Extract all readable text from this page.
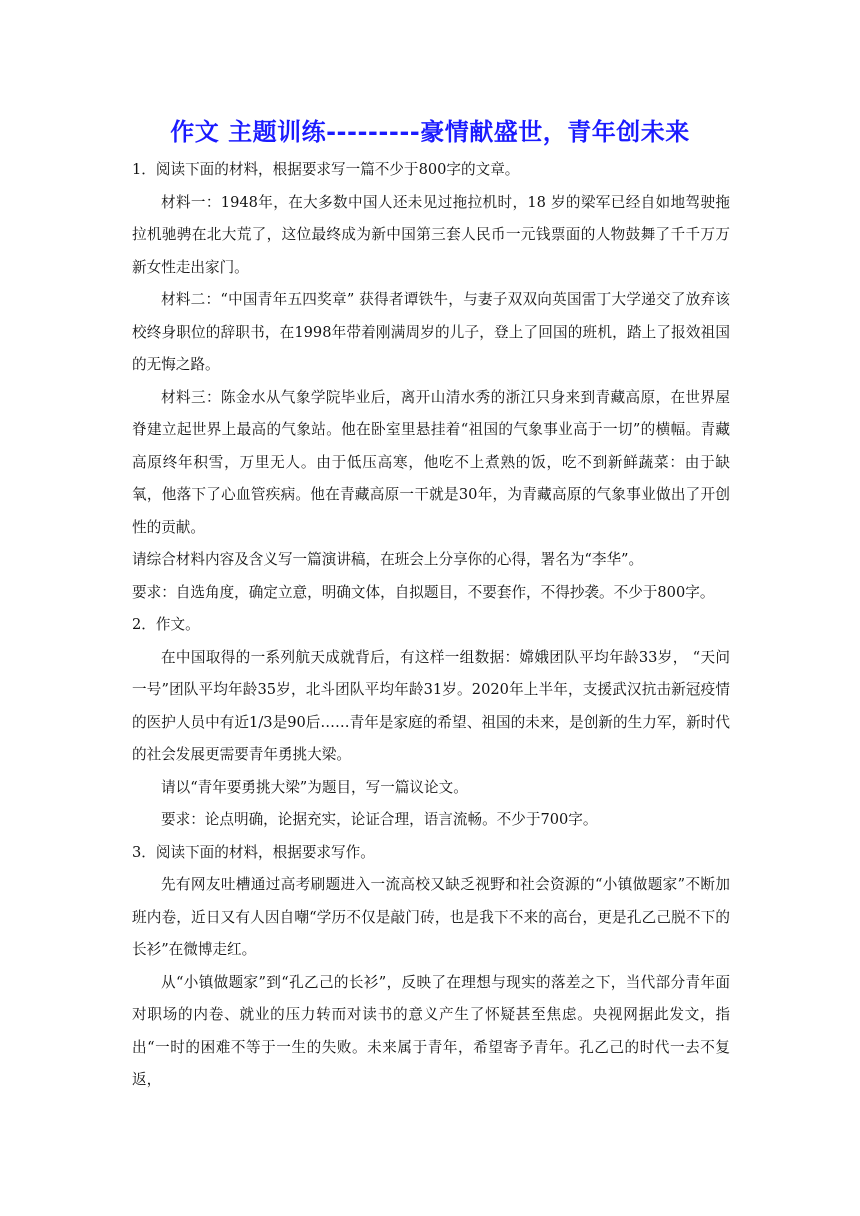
作文 主题训练---------豪情献盛世，青年创未来

1．阅读下面的材料，根据要求写一篇不少于800字的文章。

材料一：1948年，在大多数中国人还未见过拖拉机时，18 岁的梁军已经自如地驾驶拖拉机驰骋在北大荒了，这位最终成为新中国第三套人民币一元钱票面的人物鼓舞了千千万万新女性走出家门。

材料二：“中国青年五四奖章” 获得者谭铁牛，与妻子双双向英国雷丁大学递交了放弃该校终身职位的辞职书，在1998年带着刚满周岁的儿子，登上了回国的班机，踏上了报效祖国的无悔之路。

材料三：陈金水从气象学院毕业后，离开山清水秀的浙江只身来到青藏高原，在世界屋脊建立起世界上最高的气象站。他在卧室里悬挂着“祖国的气象事业高于一切”的横幅。青藏高原终年积雪，万里无人。由于低压高寒，他吃不上煮熟的饭，吃不到新鲜蔬菜：由于缺氧，他落下了心血管疾病。他在青藏高原一干就是30年，为青藏高原的气象事业做出了开创性的贡献。

请综合材料内容及含义写一篇演讲稿，在班会上分享你的心得，署名为“李华”。

要求：自选角度，确定立意，明确文体，自拟题目，不要套作，不得抄袭。不少于800字。

2．作文。

在中国取得的一系列航天成就背后，有这样一组数据：嫦娥团队平均年龄33岁， “天问一号”团队平均年龄35岁，北斗团队平均年龄31岁。2020年上半年，支援武汉抗击新冠疫情的医护人员中有近1/3是90后……青年是家庭的希望、祖国的未来，是创新的生力军，新时代的社会发展更需要青年勇挑大梁。

请以“青年要勇挑大梁”为题目，写一篇议论文。

要求：论点明确，论据充实，论证合理，语言流畅。不少于700字。

3．阅读下面的材料，根据要求写作。

先有网友吐槽通过高考刷题进入一流高校又缺乏视野和社会资源的“小镇做题家”不断加班内卷，近日又有人因自嘲“学历不仅是敲门砖，也是我下不来的高台，更是孔乙己脱不下的长衫”在微博走红。

从“小镇做题家”到“孔乙己的长衫”，反映了在理想与现实的落差之下，当代部分青年面对职场的内卷、就业的压力转而对读书的意义产生了怀疑甚至焦虑。央视网据此发文，指出“一时的困难不等于一生的失败。未来属于青年，希望寄予青年。孔乙己的时代一去不复返，
